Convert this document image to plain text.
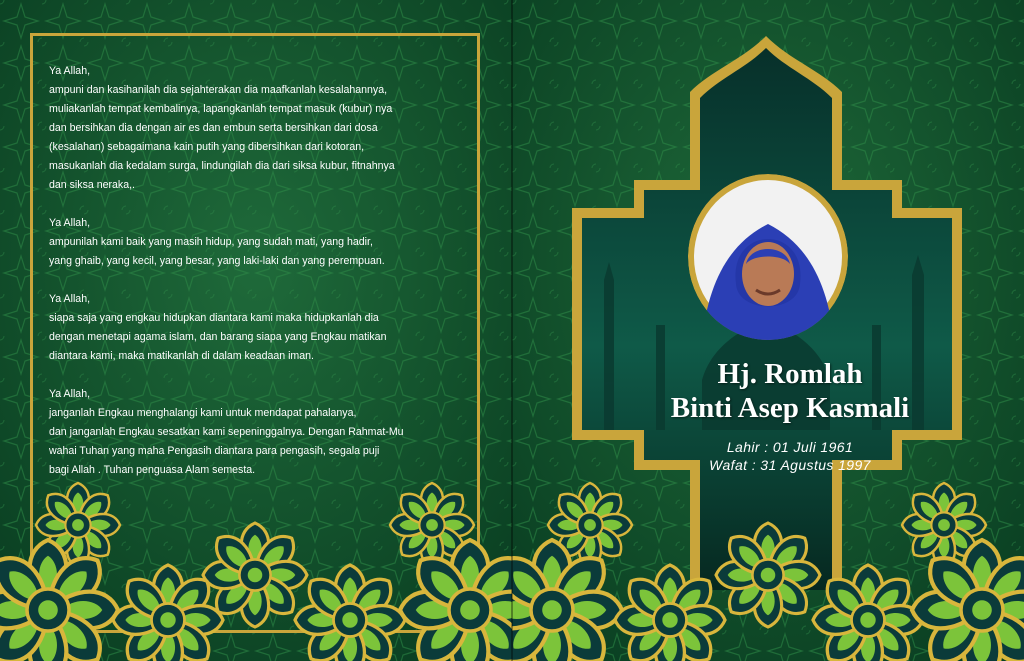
Ya Allah,

ampuni dan kasihanilah dia sejahterakan dia maafkanlah kesalahannya,

muliakanlah tempat kembalinya, lapangkanlah tempat masuk (kubur) nya

dan bersihkan dia dengan air es dan embun serta bersihkan dari dosa

(kesalahan) sebagaimana kain putih yang dibersihkan dari kotoran,

masukanlah dia kedalam surga, lindungilah dia dari siksa kubur, fitnahnya

dan siksa neraka,.

Ya Allah,

ampunilah kami baik yang masih hidup, yang sudah mati, yang hadir,

yang ghaib, yang kecil, yang besar, yang laki-laki dan yang perempuan.

Ya Allah,

siapa saja yang engkau hidupkan diantara kami maka hidupkanlah dia

dengan menetapi agama islam, dan barang siapa yang Engkau matikan

diantara kami, maka matikanlah di dalam keadaan iman.

Ya Allah,

janganlah Engkau menghalangi kami untuk mendapat pahalanya,

dan janganlah Engkau sesatkan kami sepeninggalnya. Dengan Rahmat-Mu

wahai Tuhan yang maha Pengasih diantara para pengasih, segala puji

bagi Allah . Tuhan penguasa Alam semesta.

Hj. Romlah
Binti Asep Kasmali
Lahir : 01 Juli 1961
Wafat : 31 Agustus 1997
